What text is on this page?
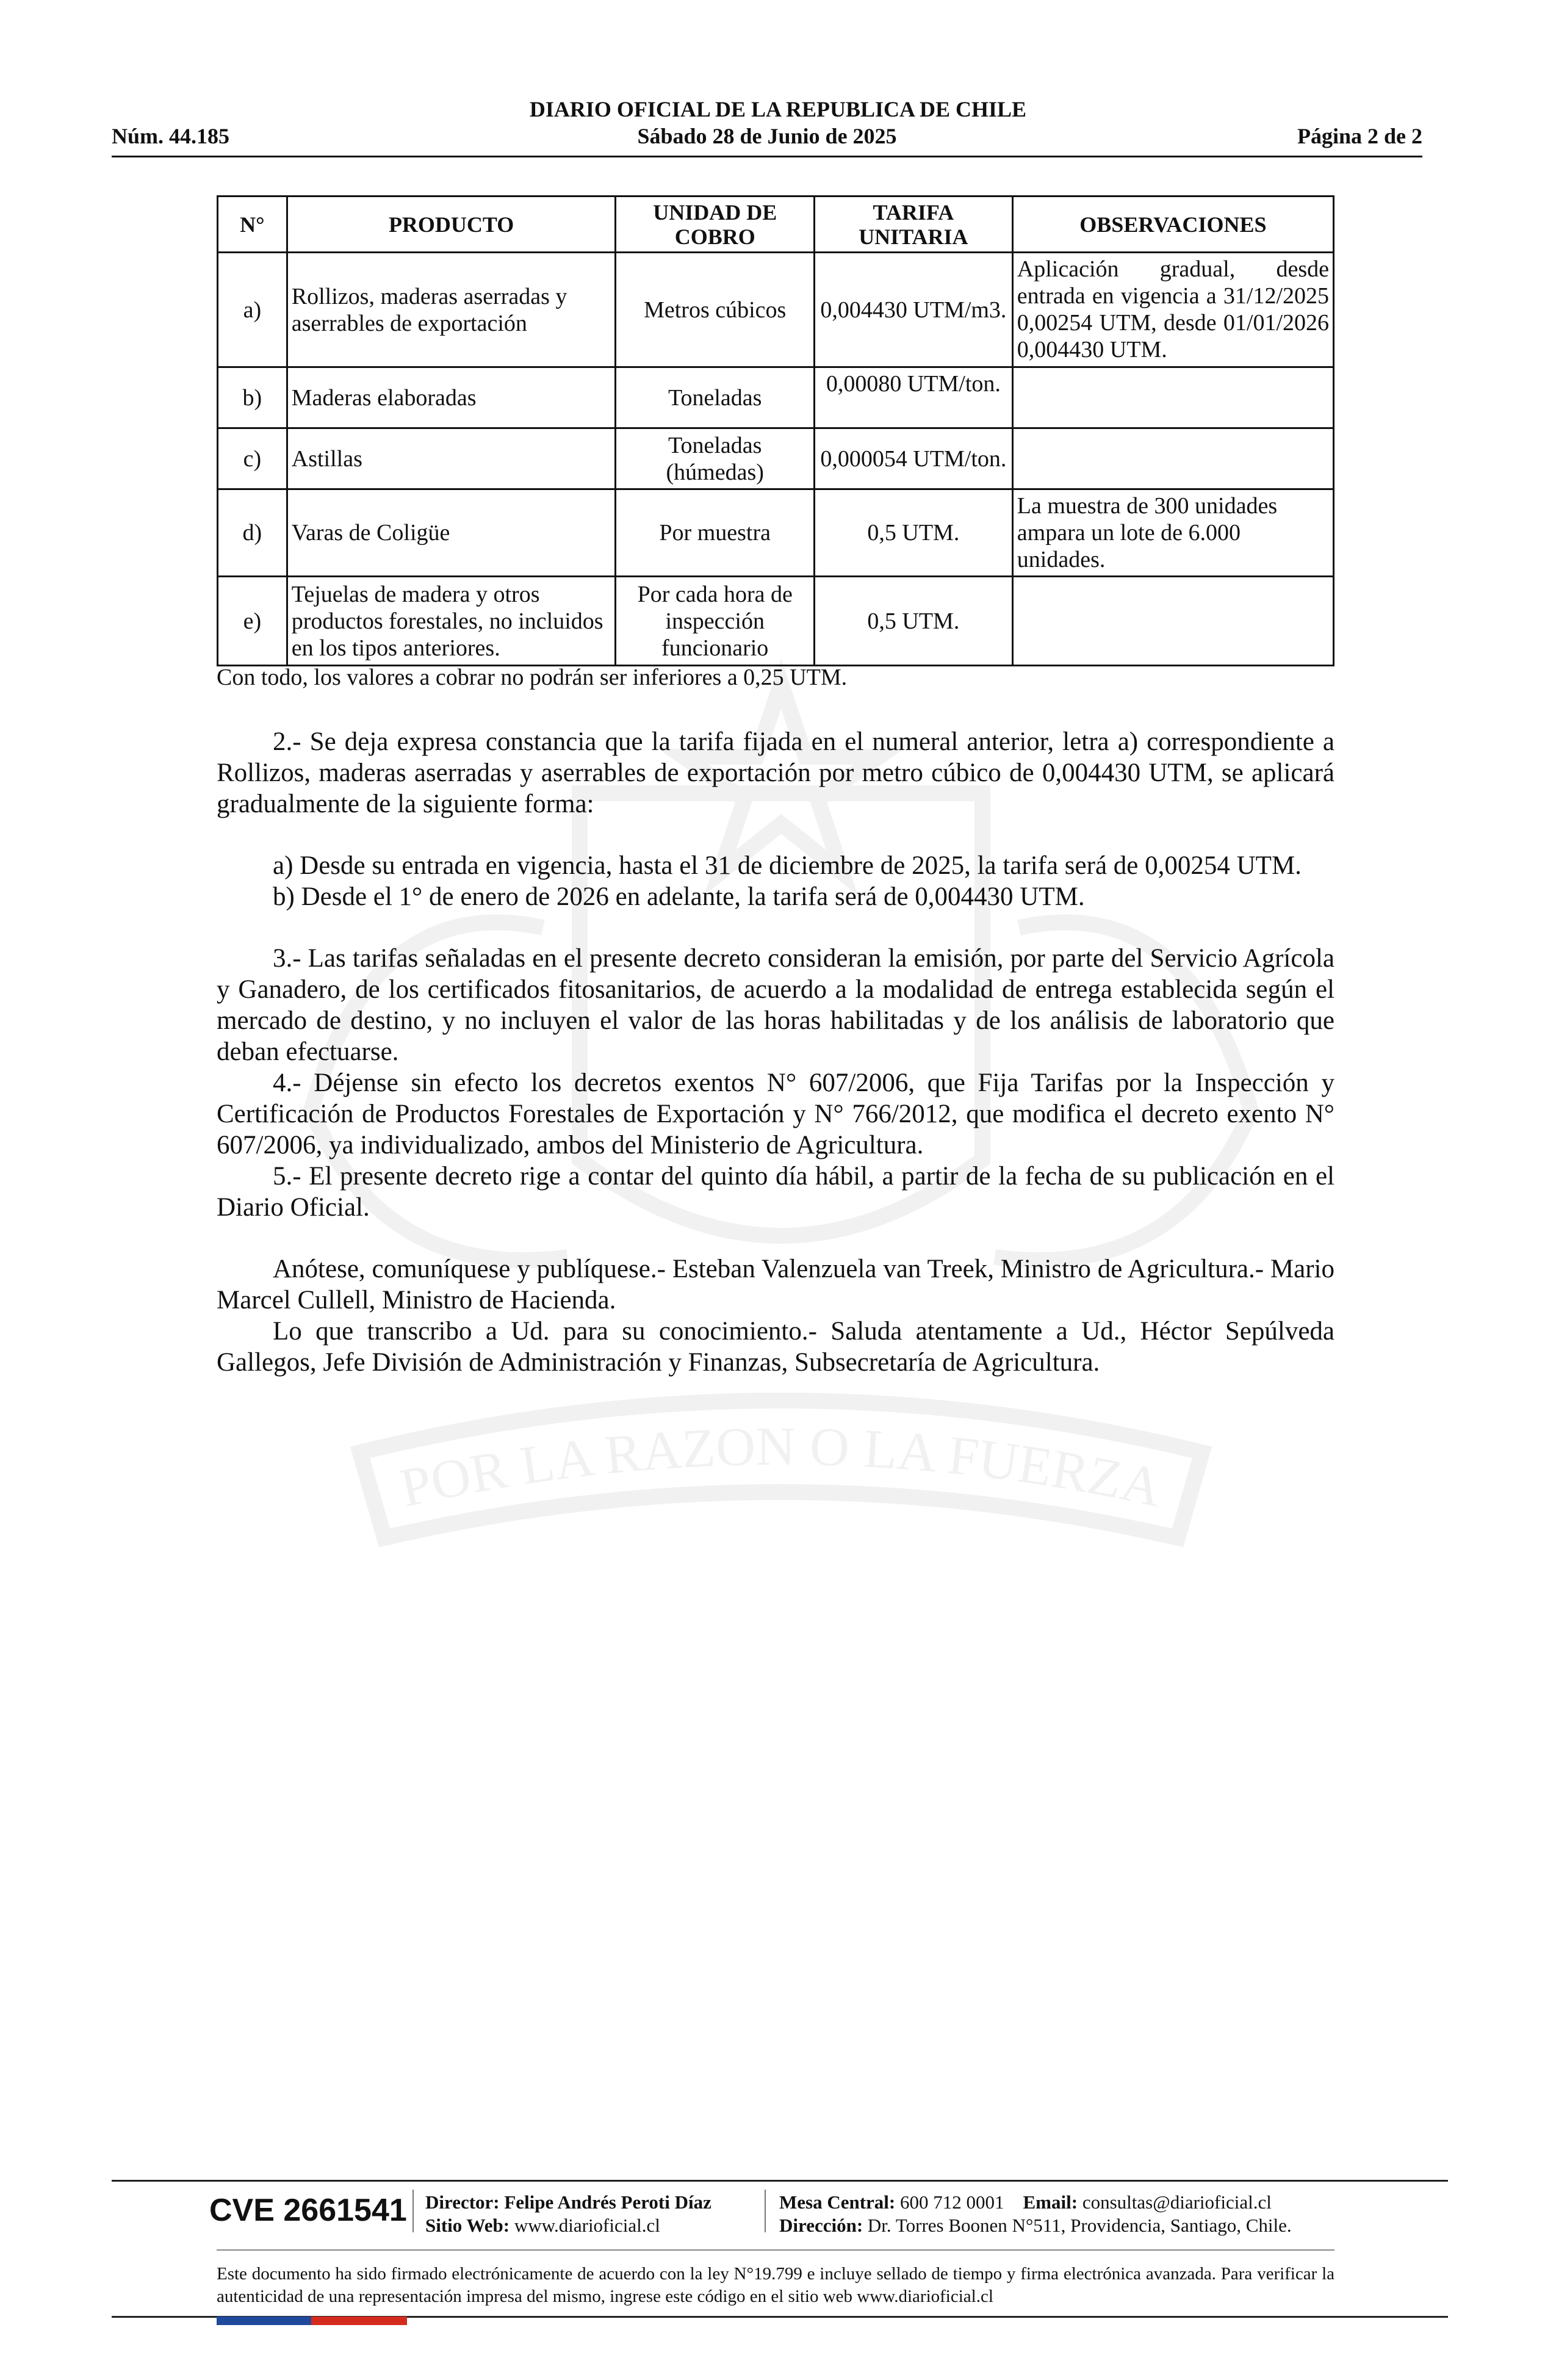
POR LA RAZON O LA FUERZA
DIARIO OFICIAL DE LA REPUBLICA DE CHILE
Núm. 44.185	Sábado 28 de Junio de 2025	Página 2 de 2
N°	PRODUCTO	UNIDAD DE COBRO	TARIFA UNITARIA	OBSERVACIONES
a)	Rollizos, maderas aserradas y aserrables de exportación	Metros cúbicos	0,004430 UTM/m3.	Aplicación gradual, desde entrada en vigencia a 31/12/2025 0,00254 UTM, desde 01/01/2026 0,004430 UTM.
b)	Maderas elaboradas	Toneladas	0,00080 UTM/ton.	
c)	Astillas	Toneladas (húmedas)	0,000054 UTM/ton.	
d)	Varas de Coligüe	Por muestra	0,5 UTM.	La muestra de 300 unidades ampara un lote de 6.000 unidades.
e)	Tejuelas de madera y otros productos forestales, no incluidos en los tipos anteriores.	Por cada hora de inspección funcionario	0,5 UTM.	
Con todo, los valores a cobrar no podrán ser inferiores a 0,25 UTM.

2.- Se deja expresa constancia que la tarifa fijada en el numeral anterior, letra a) correspondiente a Rollizos, maderas aserradas y aserrables de exportación por metro cúbico de 0,004430 UTM, se aplicará gradualmente de la siguiente forma:

a) Desde su entrada en vigencia, hasta el 31 de diciembre de 2025, la tarifa será de 0,00254 UTM.

b) Desde el 1° de enero de 2026 en adelante, la tarifa será de 0,004430 UTM.

3.- Las tarifas señaladas en el presente decreto consideran la emisión, por parte del Servicio Agrícola y Ganadero, de los certificados fitosanitarios, de acuerdo a la modalidad de entrega establecida según el mercado de destino, y no incluyen el valor de las horas habilitadas y de los análisis de laboratorio que deban efectuarse.

4.- Déjense sin efecto los decretos exentos N° 607/2006, que Fija Tarifas por la Inspección y Certificación de Productos Forestales de Exportación y N° 766/2012, que modifica el decreto exento N° 607/2006, ya individualizado, ambos del Ministerio de Agricultura.

5.- El presente decreto rige a contar del quinto día hábil, a partir de la fecha de su publicación en el Diario Oficial.

Anótese, comuníquese y publíquese.- Esteban Valenzuela van Treek, Ministro de Agricultura.- Mario Marcel Cullell, Ministro de Hacienda.

Lo que transcribo a Ud. para su conocimiento.- Saluda atentamente a Ud., Héctor Sepúlveda Gallegos, Jefe División de Administración y Finanzas, Subsecretaría de Agricultura.

CVE 2661541 Director: Felipe Andrés Peroti Díaz
Sitio Web: www.diarioficial.cl
Mesa Central: 600 712 0001 Email: consultas@diarioficial.cl
Dirección: Dr. Torres Boonen N°511, Providencia, Santiago, Chile.
Este documento ha sido firmado electrónicamente de acuerdo con la ley N°19.799 e incluye sellado de tiempo y firma electrónica avanzada. Para verificar la autenticidad de una representación impresa del mismo, ingrese este código en el sitio web www.diarioficial.cl
